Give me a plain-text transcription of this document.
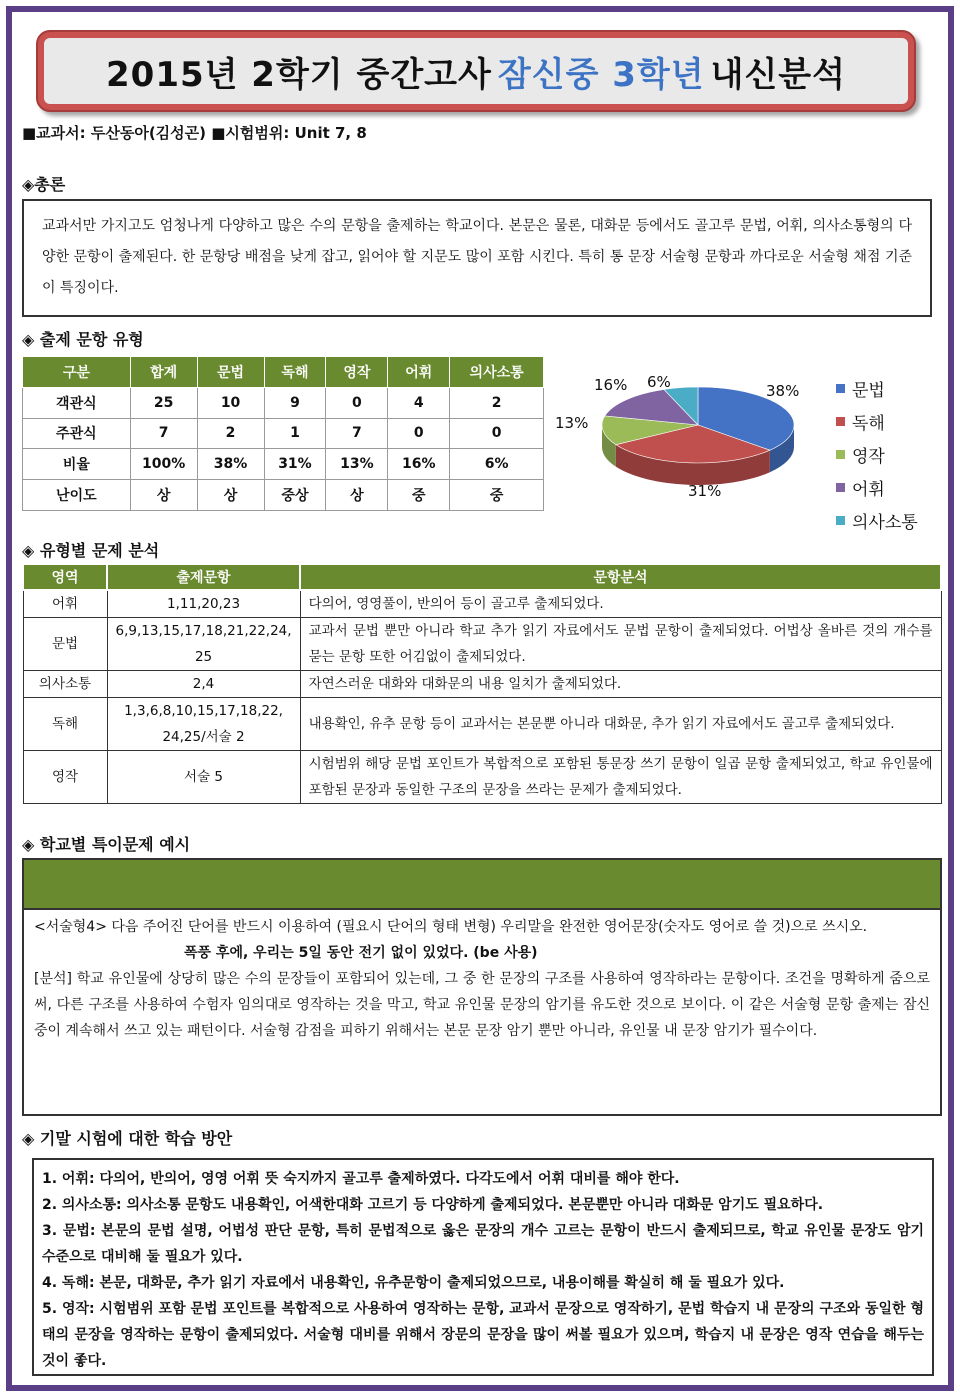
2015년 2학기 중간고사 잠신중 3학년 내신분석
■교과서: 두산동아(김성곤) ■시험범위: Unit 7, 8
◈총론
교과서만 가지고도 엄청나게 다양하고 많은 수의 문항을 출제하는 학교이다. 본문은 물론, 대화문 등에서도 골고루 문법, 어휘, 의사소통형의 다양한 문항이 출제된다. 한 문항당 배점을 낮게 잡고, 읽어야 할 지문도 많이 포함 시킨다. 특히 통 문장 서술형 문항과 까다로운 서술형 채점 기준이 특징이다.
◈ 출제 문항 유형
구분	합계	문법	독해	영작	어휘	의사소통
객관식	25	10	9	0	4	2
주관식	7	2	1	7	0	0
비율	100%	38%	31%	13%	16%	6%
난이도	상	상	중상	상	중	중
38%
31%
13%
16% 6%	문법
독해
영작
어휘
의사소통
◈ 유형별 문제 분석
영역	출제문항	문항분석
어휘	1,11,20,23	다의어, 영영풀이, 반의어 등이 골고루 출제되었다.
문법	6,9,13,15,17,18,21,22,24, 25	교과서 문법 뿐만 아니라 학교 추가 읽기 자료에서도 문법 문항이 출제되었다. 어법상 올바른 것의 개수를 묻는 문항 또한 어김없이 출제되었다.
의사소통	2,4	자연스러운 대화와 대화문의 내용 일치가 출제되었다.
독해	1,3,6,8,10,15,17,18,22, 24,25/서술 2	내용확인, 유추 문항 등이 교과서는 본문뿐 아니라 대화문, 추가 읽기 자료에서도 골고루 출제되었다.
영작	서술 5	시험범위 해당 문법 포인트가 복합적으로 포함된 통문장 쓰기 문항이 일곱 문항 출제되었고, 학교 유인물에 포함된 문장과 동일한 구조의 문장을 쓰라는 문제가 출제되었다.
◈ 학교별 특이문제 예시
<서술형4> 다음 주어진 단어를 반드시 이용하여 (필요시 단어의 형태 변형) 우리말을 완전한 영어문장(숫자도 영어로 쓸 것)으로 쓰시오.
폭풍 후에, 우리는 5일 동안 전기 없이 있었다. (be 사용)
[분석] 학교 유인물에 상당히 많은 수의 문장들이 포함되어 있는데, 그 중 한 문장의 구조를 사용하여 영작하라는 문항이다. 조건을 명확하게 줌으로써, 다른 구조를 사용하여 수험자 임의대로 영작하는 것을 막고, 학교 유인물 문장의 암기를 유도한 것으로 보이다. 이 같은 서술형 문항 출제는 잠신중이 계속해서 쓰고 있는 패턴이다. 서술형 감점을 피하기 위해서는 본문 문장 암기 뿐만 아니라, 유인물 내 문장 암기가 필수이다.
◈ 기말 시험에 대한 학습 방안
1. 어휘: 다의어, 반의어, 영영 어휘 뜻 숙지까지 골고루 출제하였다. 다각도에서 어휘 대비를 해야 한다.
2. 의사소통: 의사소통 문항도 내용확인, 어색한대화 고르기 등 다양하게 출제되었다. 본문뿐만 아니라 대화문 암기도 필요하다.
3. 문법: 본문의 문법 설명, 어법성 판단 문항, 특히 문법적으로 옳은 문장의 개수 고르는 문항이 반드시 출제되므로, 학교 유인물 문장도 암기 수준으로 대비해 둘 필요가 있다.
4. 독해: 본문, 대화문, 추가 읽기 자료에서 내용확인, 유추문항이 출제되었으므로, 내용이해를 확실히 해 둘 필요가 있다.
5. 영작: 시험범위 포함 문법 포인트를 복합적으로 사용하여 영작하는 문항, 교과서 문장으로 영작하기, 문법 학습지 내 문장의 구조와 동일한 형태의 문장을 영작하는 문항이 출제되었다. 서술형 대비를 위해서 장문의 문장을 많이 써볼 필요가 있으며, 학습지 내 문장은 영작 연습을 해두는 것이 좋다.
